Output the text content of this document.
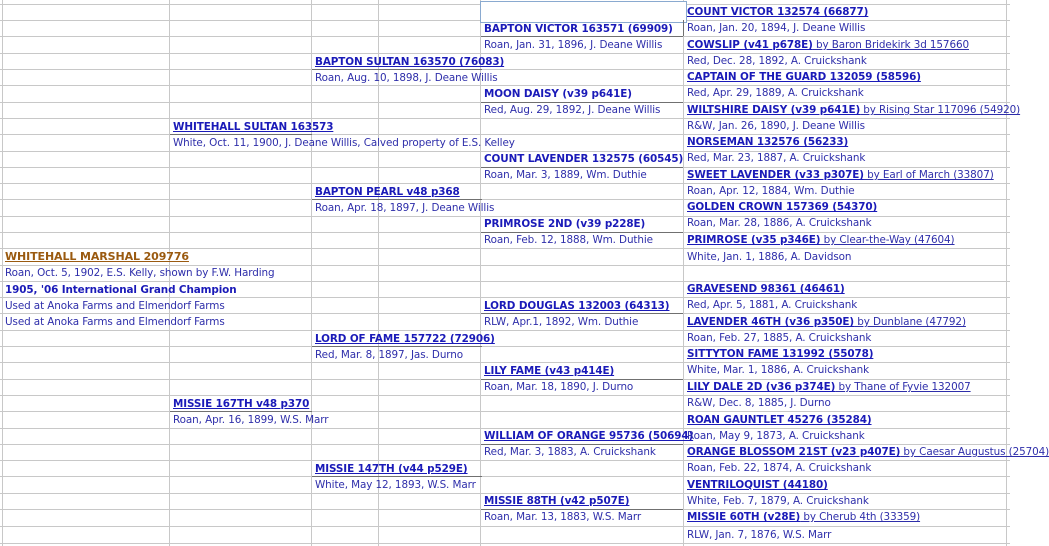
WHITEHALL MARSHAL 209776
Roan, Oct. 5, 1902, E.S. Kelly, shown by F.W. Harding
1905, '06 International Grand Champion
Used at Anoka Farms and Elmendorf Farms
Used at Anoka Farms and Elmendorf Farms
WHITEHALL SULTAN 163573
White, Oct. 11, 1900, J. Deane Willis, Calved property of E.S. Kelley
MISSIE 167TH v48 p370
Roan, Apr. 16, 1899, W.S. Marr
BAPTON SULTAN 163570 (76083)
Roan, Aug. 10, 1898, J. Deane Willis
BAPTON PEARL v48 p368
Roan, Apr. 18, 1897, J. Deane Willis
LORD OF FAME 157722 (72906)
Red, Mar. 8, 1897, Jas. Durno
MISSIE 147TH (v44 p529E)
White, May 12, 1893, W.S. Marr
BAPTON VICTOR 163571 (69909)
Roan, Jan. 31, 1896, J. Deane Willis
MOON DAISY (v39 p641E)
Red, Aug. 29, 1892, J. Deane Willis
COUNT LAVENDER 132575 (60545)
Roan, Mar. 3, 1889, Wm. Duthie
PRIMROSE 2ND (v39 p228E)
Roan, Feb. 12, 1888, Wm. Duthie
LORD DOUGLAS 132003 (64313)
RLW, Apr.1, 1892, Wm. Duthie
LILY FAME (v43 p414E)
Roan, Mar. 18, 1890, J. Durno
WILLIAM OF ORANGE 95736 (50694)
Red, Mar. 3, 1883, A. Cruickshank
MISSIE 88TH (v42 p507E)
Roan, Mar. 13, 1883, W.S. Marr
COUNT VICTOR 132574 (66877)
Roan, Jan. 20, 1894, J. Deane Willis
COWSLIP (v41 p678E) by Baron Bridekirk 3d 157660
Red, Dec. 28, 1892, A. Cruickshank
CAPTAIN OF THE GUARD 132059 (58596)
Red, Apr. 29, 1889, A. Cruickshank
WILTSHIRE DAISY (v39 p641E) by Rising Star 117096 (54920)
R&W, Jan. 26, 1890, J. Deane Willis
NORSEMAN 132576 (56233)
Red, Mar. 23, 1887, A. Cruickshank
SWEET LAVENDER (v33 p307E) by Earl of March (33807)
Roan, Apr. 12, 1884, Wm. Duthie
GOLDEN CROWN 157369 (54370)
Roan, Mar. 28, 1886, A. Cruickshank
PRIMROSE (v35 p346E) by Clear-the-Way (47604)
White, Jan. 1, 1886, A. Davidson
GRAVESEND 98361 (46461)
Red, Apr. 5, 1881, A. Cruickshank
LAVENDER 46TH (v36 p350E) by Dunblane (47792)
Roan, Feb. 27, 1885, A. Cruickshank
SITTYTON FAME 131992 (55078)
White, Mar. 1, 1886, A. Cruickshank
LILY DALE 2D (v36 p374E) by Thane of Fyvie 132007
R&W, Dec. 8, 1885, J. Durno
ROAN GAUNTLET 45276 (35284)
Roan, May 9, 1873, A. Cruickshank
ORANGE BLOSSOM 21ST (v23 p407E) by Caesar Augustus (25704)
Roan, Feb. 22, 1874, A. Cruickshank
VENTRILOQUIST (44180)
White, Feb. 7, 1879, A. Cruickshank
MISSIE 60TH (v28E) by Cherub 4th (33359)
RLW, Jan. 7, 1876, W.S. Marr
